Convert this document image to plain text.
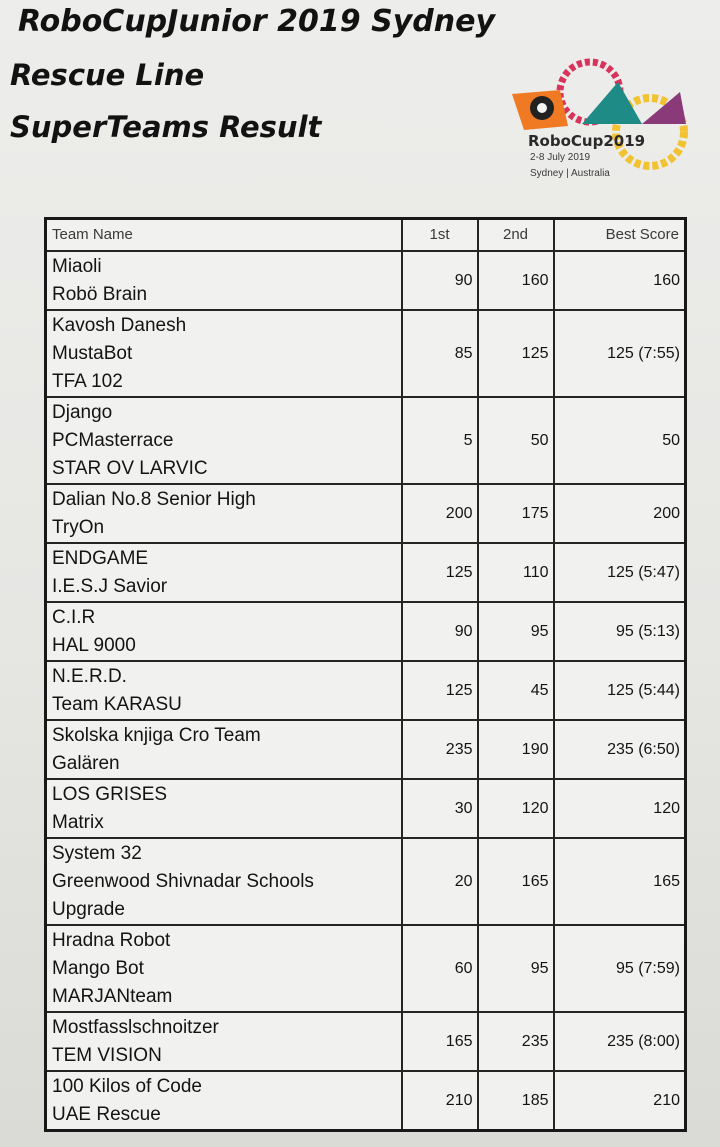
RoboCupJunior 2019 Sydney
Rescue Line
SuperTeams Result	RoboCup2019
2-8 July 2019
Sydney | Australia
Team Name	1st	2nd	Best Score

Miaoli
Robö Brain	90	160	160

Kavosh Danesh
MustaBot
TFA 102	85	125	125 (7:55)

Django
PCMasterrace
STAR OV LARVIC	5	50	50

Dalian No.8 Senior High
TryOn	200	175	200

ENDGAME
I.E.S.J Savior	125	110	125 (5:47)

C.I.R
HAL 9000	90	95	95 (5:13)

N.E.R.D.
Team KARASU	125	45	125 (5:44)

Skolska knjiga Cro Team
Galären	235	190	235 (6:50)

LOS GRISES
Matrix	30	120	120

System 32
Greenwood Shivnadar Schools
Upgrade	20	165	165

Hradna Robot
Mango Bot
MARJANteam	60	95	95 (7:59)

Mostfasslschnoitzer
TEM VISION	165	235	235 (8:00)

100 Kilos of Code
UAE Rescue	210	185	210
